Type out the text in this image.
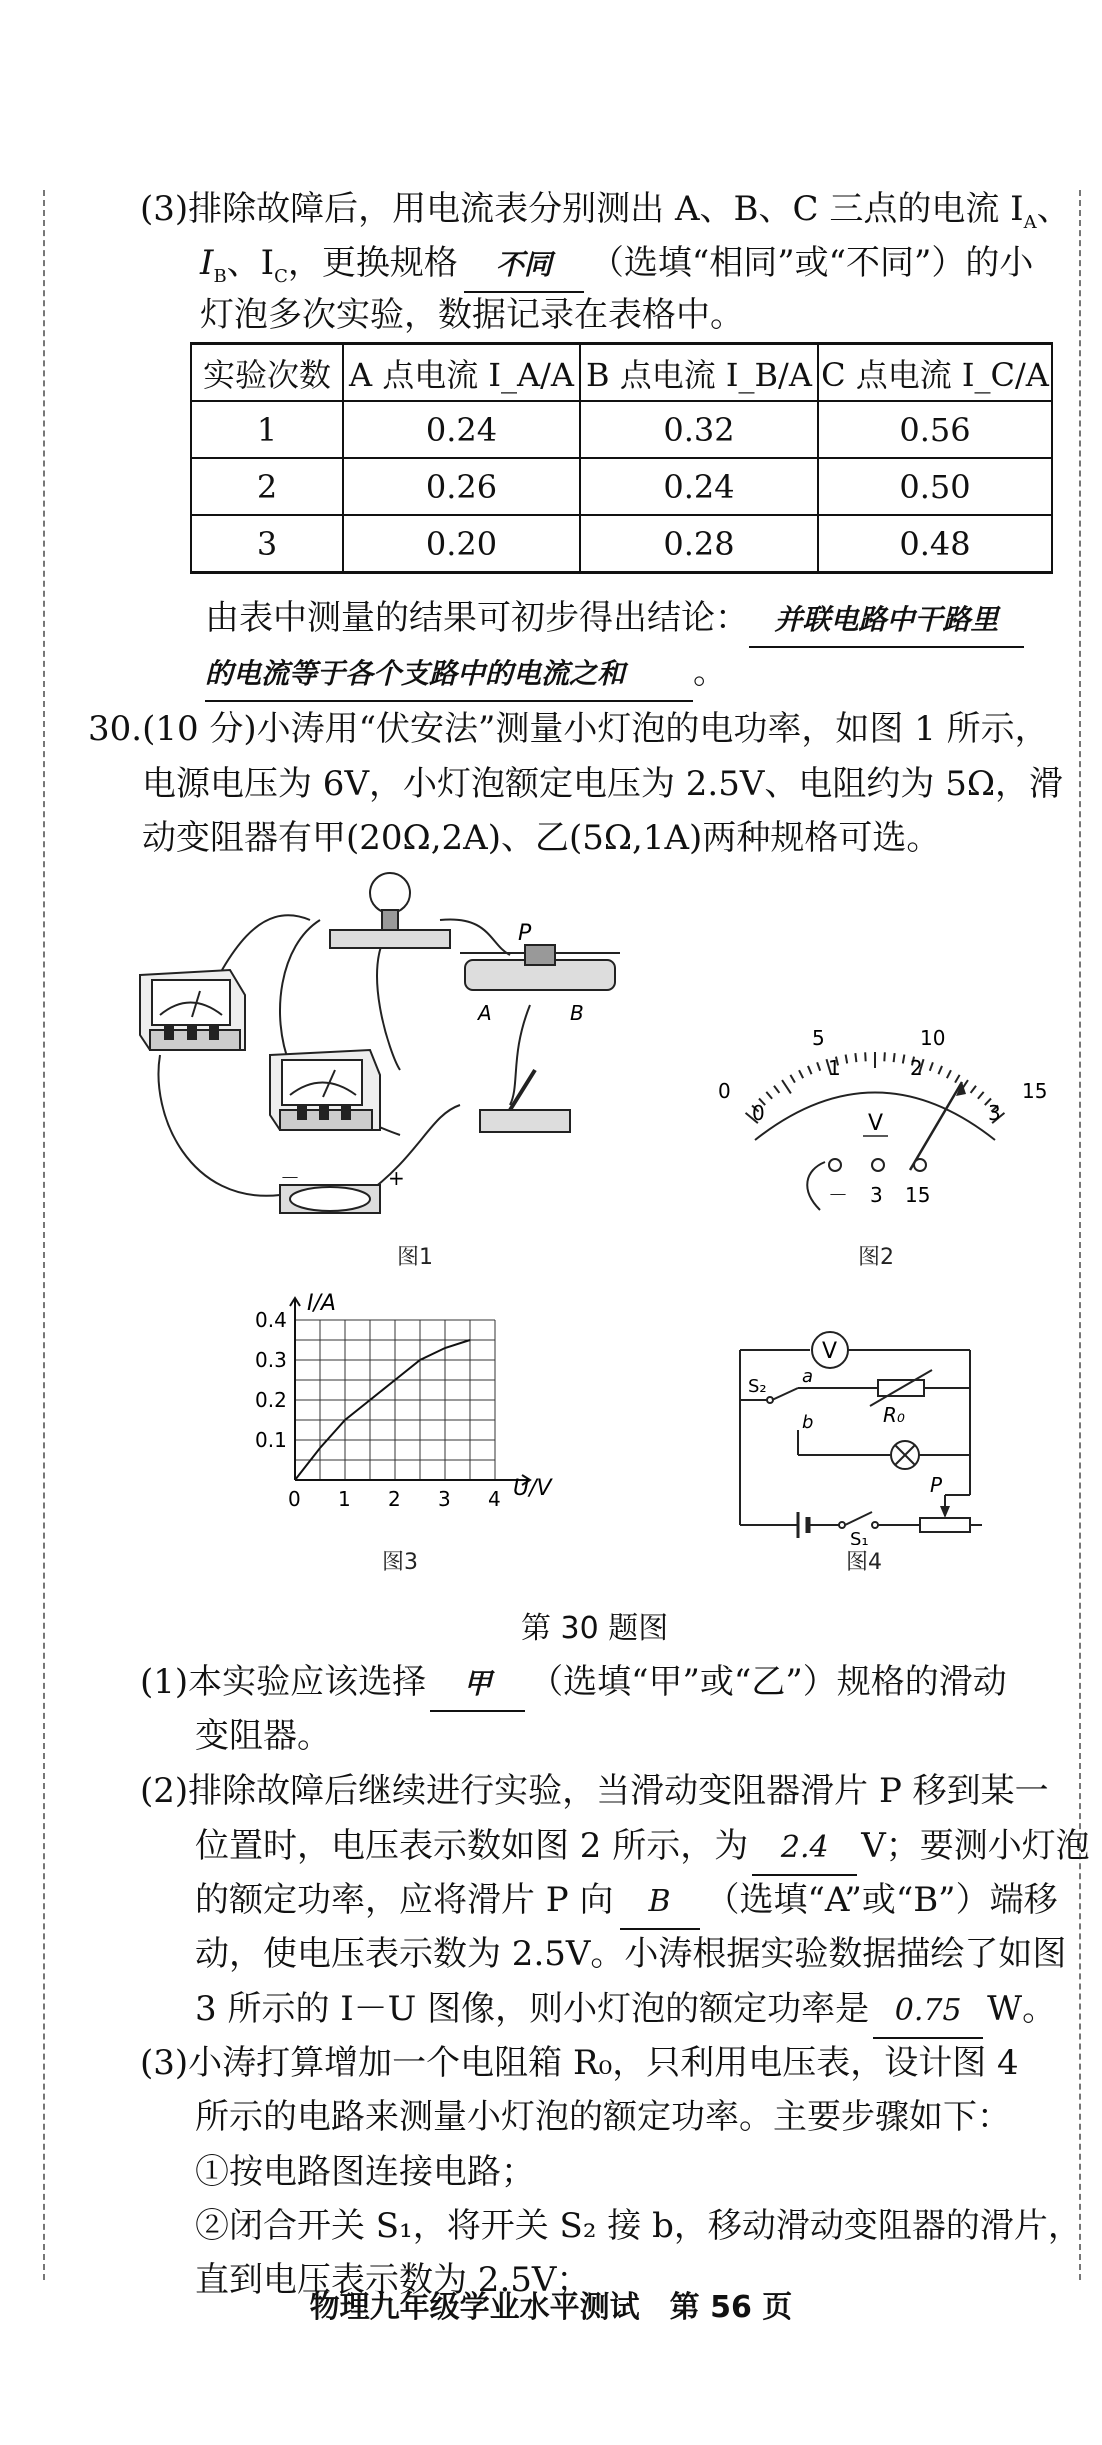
(3)排除故障后，用电流表分别测出 A、B、C 三点的电流 $I_A$、
$I_B$、$I_C$，更换规格 不同 （选填“相同”或“不同”）的小
灯泡多次实验，数据记录在表格中。
实验次数	A 点电流 I_A/A	B 点电流 I_B/A	C 点电流 I_C/A
1	0.24	0.32	0.56
2	0.26	0.24	0.50
3	0.20	0.28	0.48
由表中测量的结果可初步得出结论： 并联电路中干路里
的电流等于各个支路中的电流之和 。
30.(10 分)小涛用“伏安法”测量小灯泡的电功率，如图 1 所示，
电源电压为 6V，小灯泡额定电压为 2.5V、电阻约为 5Ω，滑
动变阻器有甲(20Ω,2A)、乙(5Ω,1A)两种规格可选。
P
A	B
－	+
图1
0
5	10
15
0
1	2
3
V
－ 3 15
图2
0 1 2 3 4
0.1
0.2
0.3
0.4
I/A
U/V
图3
V
S₂ a
b	R₀
P
S₁
图4
第 30 题图
(1)本实验应该选择 甲 （选填“甲”或“乙”）规格的滑动
变阻器。
(2)排除故障后继续进行实验，当滑动变阻器滑片 P 移到某一
位置时，电压表示数如图 2 所示，为 2.4 V；要测小灯泡
的额定功率，应将滑片 P 向 B （选填“A”或“B”）端移
动，使电压表示数为 2.5V。小涛根据实验数据描绘了如图
3 所示的 I－U 图像，则小灯泡的额定功率是 0.75 W。
(3)小涛打算增加一个电阻箱 R₀，只利用电压表，设计图 4
所示的电路来测量小灯泡的额定功率。主要步骤如下：
①按电路图连接电路；
②闭合开关 S₁，将开关 S₂ 接 b，移动滑动变阻器的滑片，
直到电压表示数为 2.5V；
物理九年级学业水平测试　第 56 页
